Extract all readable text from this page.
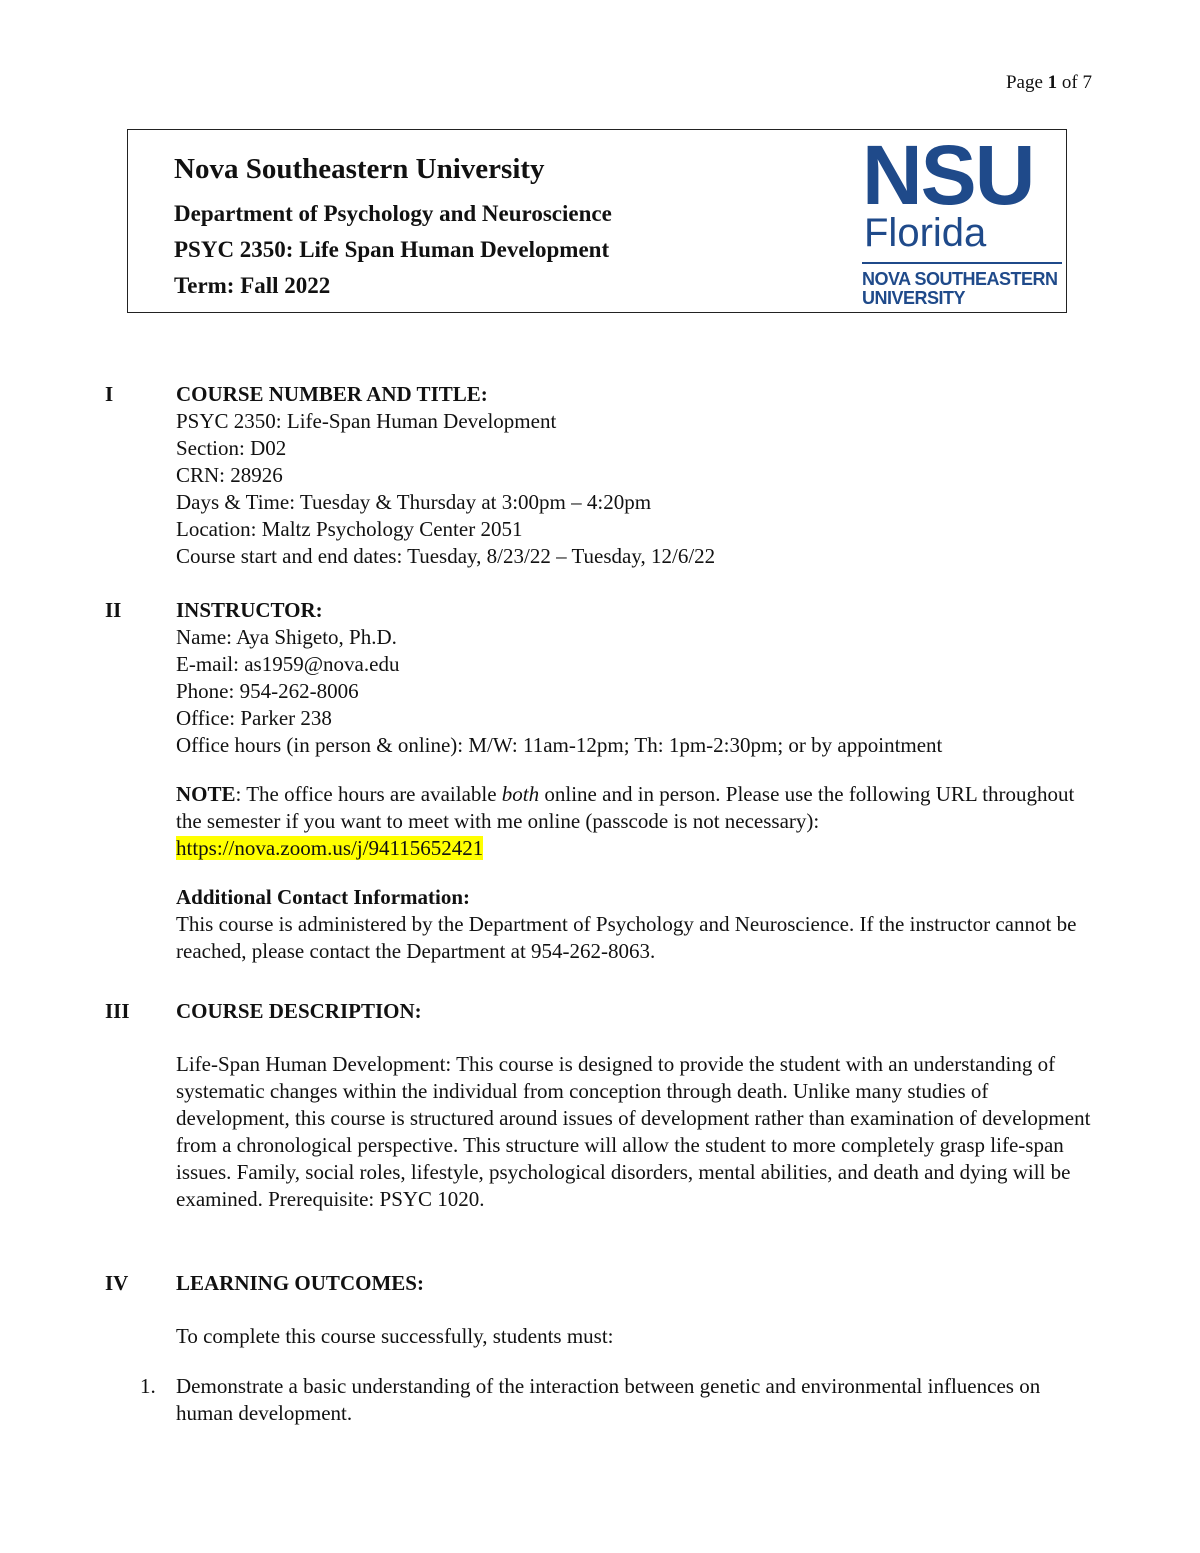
Page 1 of 7

Nova Southeastern University

Department of Psychology and Neuroscience

PSYC 2350: Life Span Human Development

Term: Fall 2022

NSU
Florida
NOVA SOUTHEASTERN
UNIVERSITY
I	COURSE NUMBER AND TITLE:

PSYC 2350: Life-Span Human Development

Section: D02

CRN: 28926

Days & Time: Tuesday & Thursday at 3:00pm – 4:20pm

Location: Maltz Psychology Center 2051

Course start and end dates: Tuesday, 8/23/22 – Tuesday, 12/6/22

II	INSTRUCTOR:

Name: Aya Shigeto, Ph.D.

E-mail: as1959@nova.edu

Phone: 954-262-8006

Office: Parker 238

Office hours (in person & online): M/W: 11am-12pm; Th: 1pm-2:30pm; or by appointment

NOTE: The office hours are available both online and in person. Please use the following URL throughout the semester if you want to meet with me online (passcode is not necessary):

https://nova.zoom.us/j/94115652421

Additional Contact Information:

This course is administered by the Department of Psychology and Neuroscience. If the instructor cannot be reached, please contact the Department at 954-262-8063.

III COURSE DESCRIPTION:

Life-Span Human Development: This course is designed to provide the student with an understanding of systematic changes within the individual from conception through death. Unlike many studies of development, this course is structured around issues of development rather than examination of development from a chronological perspective. This structure will allow the student to more completely grasp life-span issues. Family, social roles, lifestyle, psychological disorders, mental abilities, and death and dying will be examined. Prerequisite: PSYC 1020.

IV LEARNING OUTCOMES:

To complete this course successfully, students must:

1. Demonstrate a basic understanding of the interaction between genetic and environmental influences on human development.
